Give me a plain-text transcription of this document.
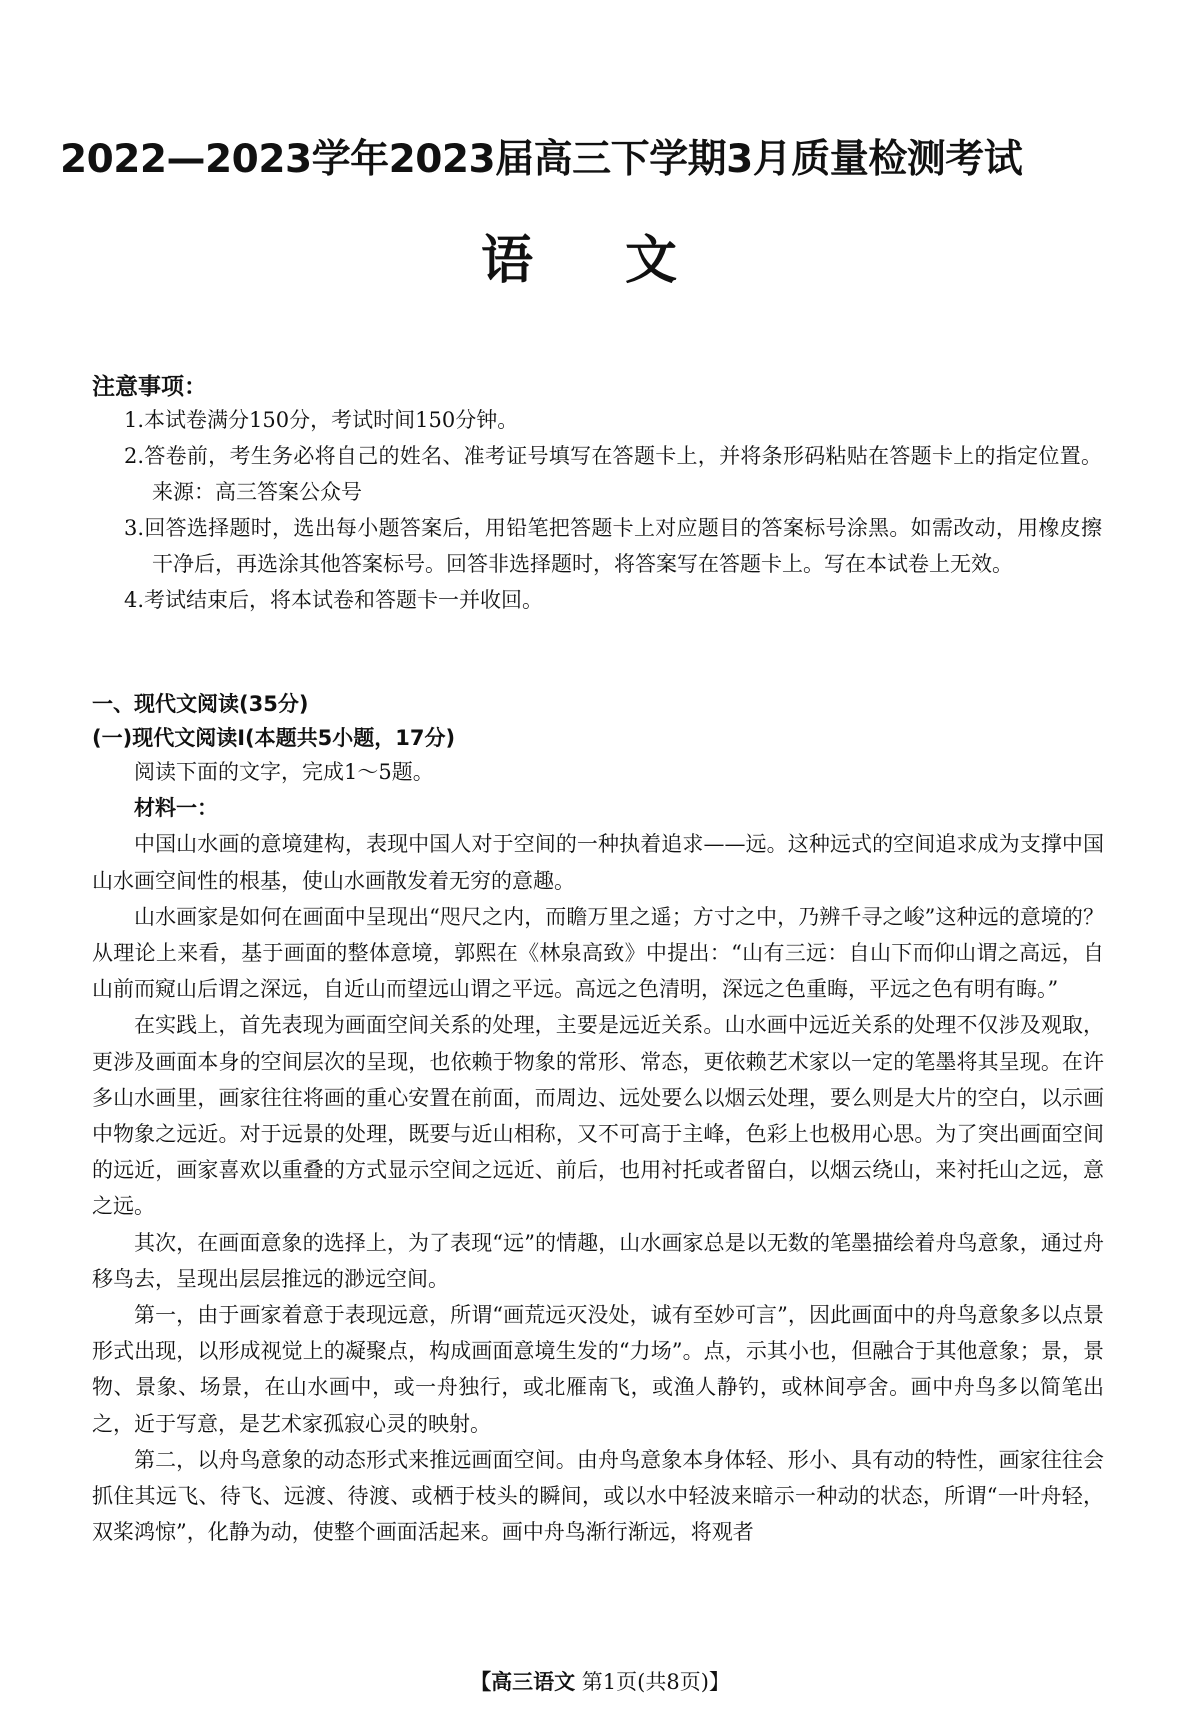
2022—2023学年2023届高三下学期3月质量检测考试
语文
注意事项：
1.本试卷满分150分，考试时间150分钟。
2.答卷前，考生务必将自己的姓名、准考证号填写在答题卡上，并将条形码粘贴在答题卡上的指定位置。来源：高三答案公众号
3.回答选择题时，选出每小题答案后，用铅笔把答题卡上对应题目的答案标号涂黑。如需改动，用橡皮擦干净后，再选涂其他答案标号。回答非选择题时，将答案写在答题卡上。写在本试卷上无效。
4.考试结束后，将本试卷和答题卡一并收回。
一、现代文阅读(35分)
(一)现代文阅读Ⅰ(本题共5小题，17分)

阅读下面的文字，完成1～5题。

材料一：

中国山水画的意境建构，表现中国人对于空间的一种执着追求——远。这种远式的空间追求成为支撑中国山水画空间性的根基，使山水画散发着无穷的意趣。

山水画家是如何在画面中呈现出“咫尺之内，而瞻万里之遥；方寸之中，乃辨千寻之峻”这种远的意境的？从理论上来看，基于画面的整体意境，郭熙在《林泉高致》中提出：“山有三远：自山下而仰山谓之高远，自山前而窥山后谓之深远，自近山而望远山谓之平远。高远之色清明，深远之色重晦，平远之色有明有晦。”

在实践上，首先表现为画面空间关系的处理，主要是远近关系。山水画中远近关系的处理不仅涉及观取，更涉及画面本身的空间层次的呈现，也依赖于物象的常形、常态，更依赖艺术家以一定的笔墨将其呈现。在许多山水画里，画家往往将画的重心安置在前面，而周边、远处要么以烟云处理，要么则是大片的空白，以示画中物象之远近。对于远景的处理，既要与近山相称，又不可高于主峰，色彩上也极用心思。为了突出画面空间的远近，画家喜欢以重叠的方式显示空间之远近、前后，也用衬托或者留白，以烟云绕山，来衬托山之远，意之远。

其次，在画面意象的选择上，为了表现“远”的情趣，山水画家总是以无数的笔墨描绘着舟鸟意象，通过舟移鸟去，呈现出层层推远的渺远空间。

第一，由于画家着意于表现远意，所谓“画荒远灭没处，诚有至妙可言”，因此画面中的舟鸟意象多以点景形式出现，以形成视觉上的凝聚点，构成画面意境生发的“力场”。点，示其小也，但融合于其他意象；景，景物、景象、场景，在山水画中，或一舟独行，或北雁南飞，或渔人静钓，或林间亭舍。画中舟鸟多以简笔出之，近于写意，是艺术家孤寂心灵的映射。

第二，以舟鸟意象的动态形式来推远画面空间。由舟鸟意象本身体轻、形小、具有动的特性，画家往往会抓住其远飞、待飞、远渡、待渡、或栖于枝头的瞬间，或以水中轻波来暗示一种动的状态，所谓“一叶舟轻，双桨鸿惊”，化静为动，使整个画面活起来。画中舟鸟渐行渐远，将观者

【高三语文 第1页(共8页)】
